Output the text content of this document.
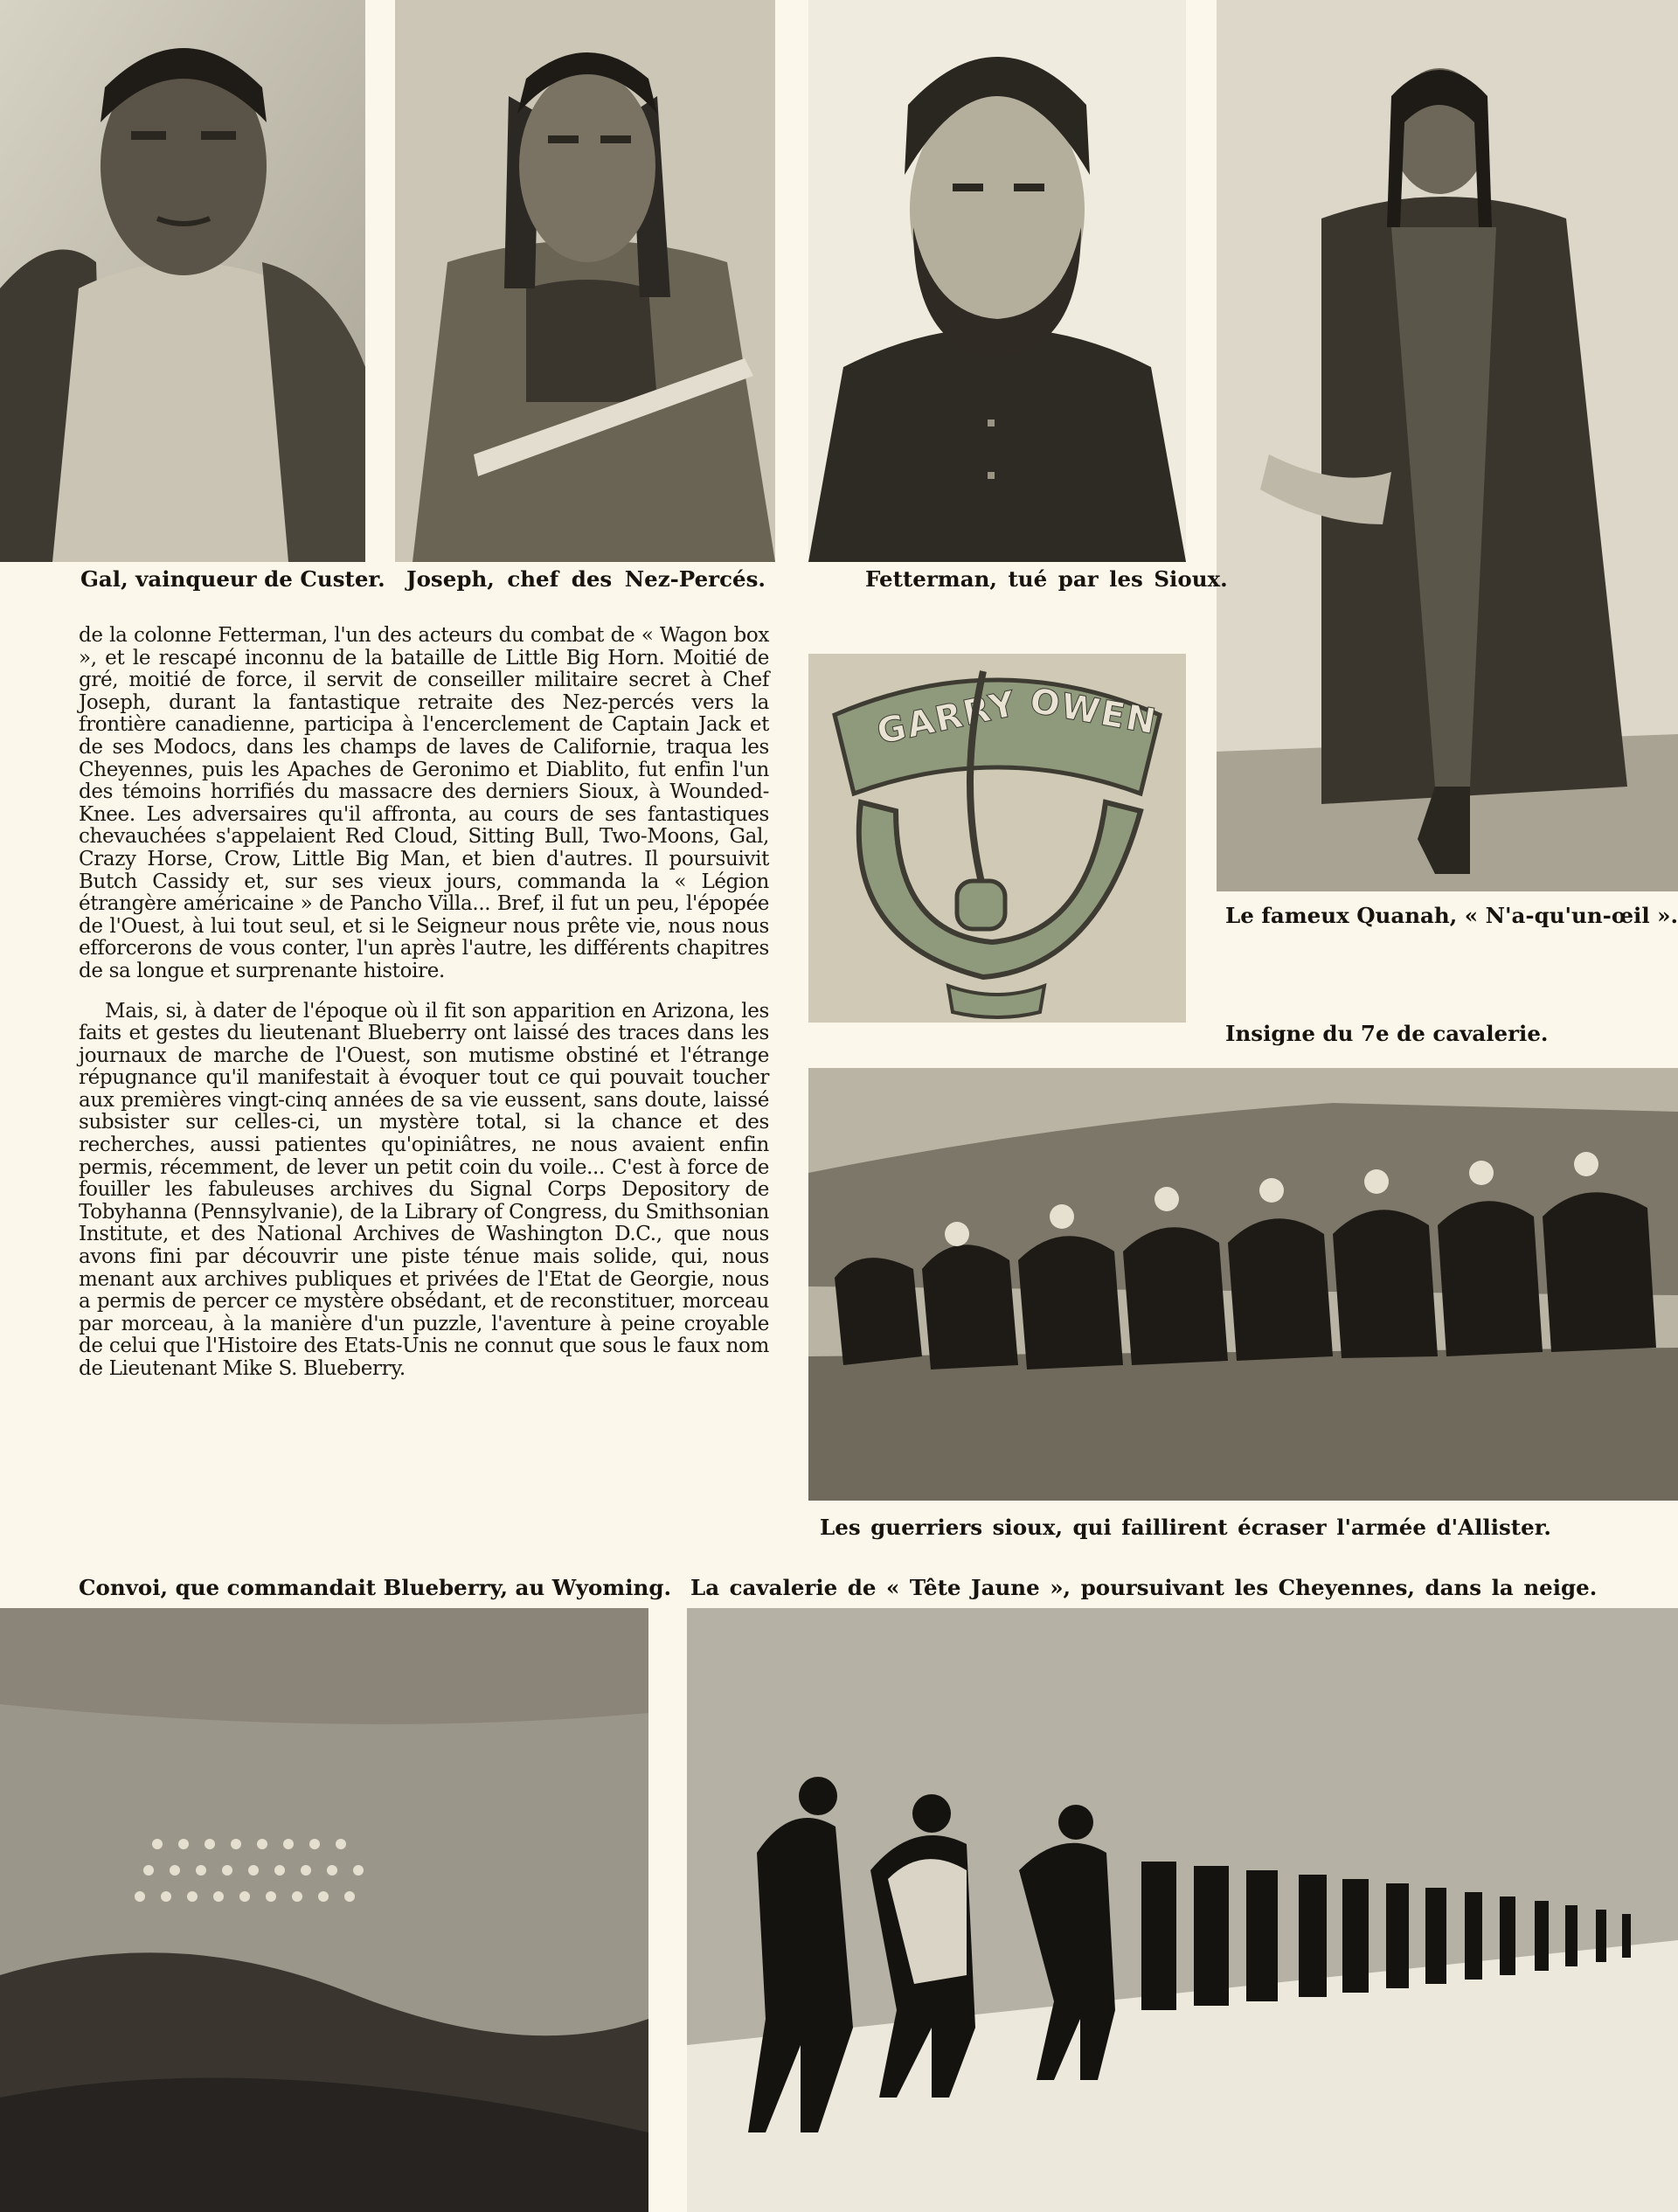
Gal, vainqueur de Custer. Joseph, chef des Nez-Percés.	Fetterman, tué par les Sioux.

GARRY OWEN

Le fameux Quanah, « N'a-qu'un-œil ».

Insigne du 7e de cavalerie.

de la colonne Fetterman, l'un des acteurs du combat de « Wagon box », et le rescapé inconnu de la bataille de Little Big Horn. Moitié de gré, moitié de force, il servit de conseiller militaire secret à Chef Joseph, durant la fantastique retraite des Nez-percés vers la frontière canadienne, participa à l'encerclement de Captain Jack et de ses Modocs, dans les champs de laves de Californie, traqua les Cheyennes, puis les Apaches de Geronimo et Diablito, fut enfin l'un des témoins horrifiés du massacre des derniers Sioux, à Wounded-Knee. Les adversaires qu'il affronta, au cours de ses fantastiques chevauchées s'appelaient Red Cloud, Sitting Bull, Two-Moons, Gal, Crazy Horse, Crow, Little Big Man, et bien d'autres. Il poursuivit Butch Cassidy et, sur ses vieux jours, commanda la « Légion étrangère américaine » de Pancho Villa... Bref, il fut un peu, l'épopée de l'Ouest, à lui tout seul, et si le Seigneur nous prête vie, nous nous efforcerons de vous conter, l'un après l'autre, les différents chapitres de sa longue et surprenante histoire.

Mais, si, à dater de l'époque où il fit son apparition en Arizona, les faits et gestes du lieutenant Blueberry ont laissé des traces dans les journaux de marche de l'Ouest, son mutisme obstiné et l'étrange répugnance qu'il manifestait à évoquer tout ce qui pouvait toucher aux premières vingt-cinq années de sa vie eussent, sans doute, laissé subsister sur celles-ci, un mystère total, si la chance et des recherches, aussi patientes qu'opiniâtres, ne nous avaient enfin permis, récemment, de lever un petit coin du voile... C'est à force de fouiller les fabuleuses archives du Signal Corps Depository de Tobyhanna (Pennsylvanie), de la Library of Congress, du Smithsonian Institute, et des National Archives de Washington D.C., que nous avons fini par découvrir une piste ténue mais solide, qui, nous menant aux archives publiques et privées de l'Etat de Georgie, nous a permis de percer ce mystère obsédant, et de reconstituer, morceau par morceau, à la manière d'un puzzle, l'aventure à peine croyable de celui que l'Histoire des Etats-Unis ne connut que sous le faux nom de Lieutenant Mike S. Blueberry.

Les guerriers sioux, qui faillirent écraser l'armée d'Allister.

Convoi, que commandait Blueberry, au Wyoming. La cavalerie de « Tête Jaune », poursuivant les Cheyennes, dans la neige.
